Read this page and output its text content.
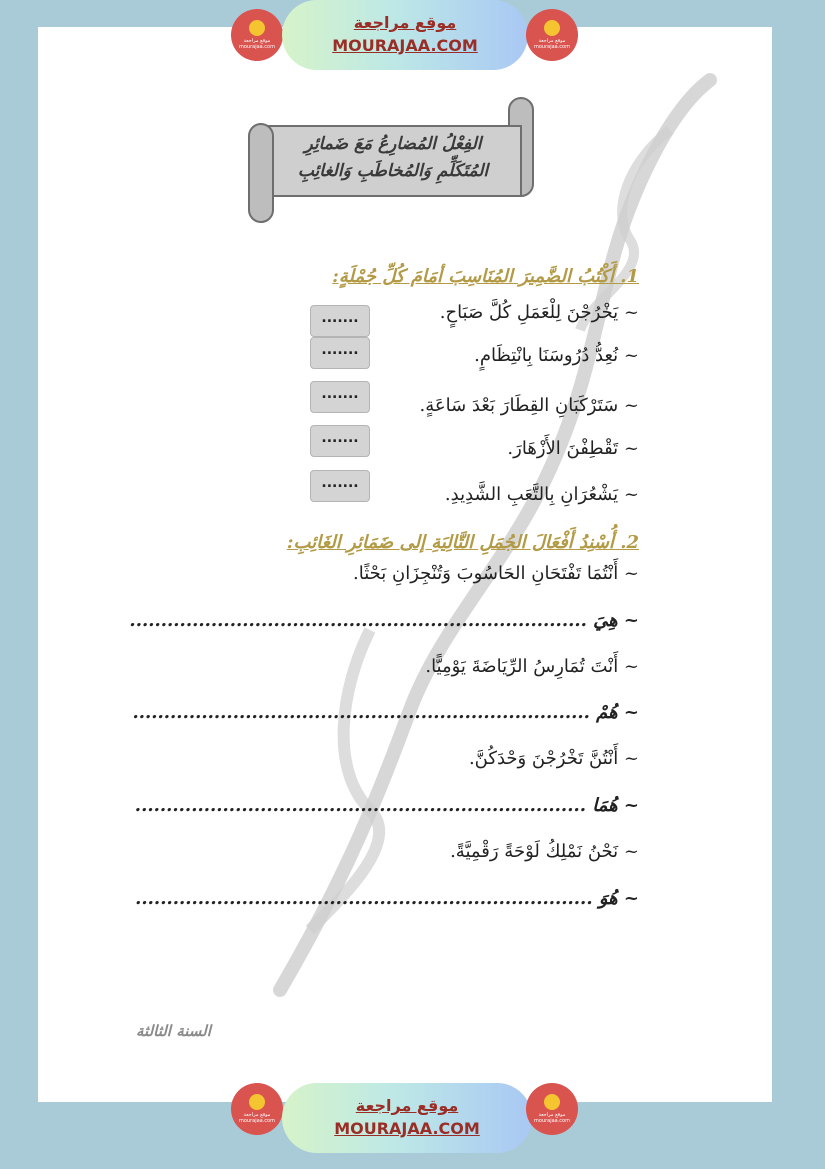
موقع مراجعة
mourajaa.com
موقع مراجعة
MOURAJAA.COM	موقع مراجعة
mourajaa.com
الفِعْلُ المُضارِعُ مَعَ ضَمائِرِ
المُتَكَلِّمِ وَالمُخاطَبِ وَالغائِبِ
1. أَكْتُبُ الضَّمِيرَ المُنَاسِبَ أمَامَ كُلِّ جُمْلَةٍ:
~ يَخْرُجْنَ لِلْعَمَلِ كُلَّ صَبَاحٍ.
.......
~ نُعِدُّ دُرُوسَنَا بِانْتِظَامٍ.
.......
~ سَتَرْكَبَانِ القِطَارَ بَعْدَ سَاعَةٍ.
.......
~ تَقْطِفْنَ الأَزْهَارَ.
.......
~ يَشْعُرَانِ بِالتَّعَبِ الشَّدِيدِ.
.......
2. أُسْنِدُ أَفْعَالَ الجُمَلِ التَّالِيَةِ إلى ضَمَائِرِ الغَائِبِ:
~ أَنْتُمَا تَفْتَحَانِ الحَاسُوبَ وَتُنْجِزَانِ بَحْثًا.
~ هِيَ .........................................................................
~ أَنْتَ تُمَارِسُ الرِّيَاضَةَ يَوْمِيًّا.
~ هُمْ .........................................................................
~ أَنْتُنَّ تَخْرُجْنَ وَحْدَكُنَّ.
~ هُمَا ........................................................................
~ نَحْنُ نَمْلِكُ لَوْحَةً رَقْمِيَّةً.
~ هُوَ .........................................................................
السنة الثالثة
موقع مراجعة
mourajaa.com
موقع مراجعة
MOURAJAA.COM
موقع مراجعة
mourajaa.com
